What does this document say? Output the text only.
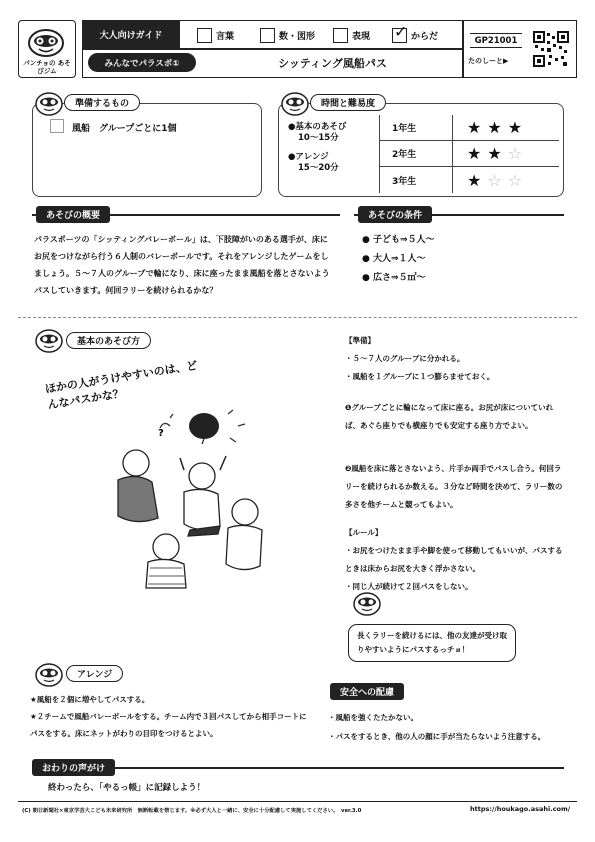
パンチョの あそびジム
大人向けガイド	言葉	数・図形	表現 ✓ からだ
みんなでパラスポ①	シッティング風船パス
GP21001
たのしーと▶
準備するもの
風船　グループごとに1個
時間と難易度
●基本のあそび
10〜15分
●アレンジ
15〜20分
1年生	★ ★ ★
2年生	★ ★ ☆
3年生	★ ☆ ☆
あそびの概要
パラスポーツの「シッティングバレーボール」は、下肢障がいのある選手が、床にお尻をつけながら行う６人制のバレーボールです。それをアレンジしたゲームをしましょう。５〜７人のグループで輪になり、床に座ったまま風船を落とさないようパスしていきます。何回ラリーを続けられるかな？
あそびの条件
● 子ども⇒５人〜
● 大人⇒１人〜
● 広さ⇒５㎡〜
基本のあそび方
ほかの人がうけやすいのは、どんなパスかな？
?
【準備】
・５〜７人のグループに分かれる。
・風船を１グループに１つ膨らませておく。
❶グループごとに輪になって床に座る。お尻が床についていれば、あぐら座りでも横座りでも安定する座り方でよい。
❷風船を床に落とさないよう、片手か両手でパスし合う。何回ラリーを続けられるか数える。３分など時間を決めて、ラリー数の多さを他チームと競ってもよい。
【ルール】
・お尻をつけたまま手や脚を使って移動してもいいが、パスするときは床からお尻を大きく浮かさない。
・同じ人が続けて２回パスをしない。
長くラリーを続けるには、他の友達が受け取りやすいようにパスするっチョ！
アレンジ
★風船を２個に増やしてパスする。
★２チームで風船バレーボールをする。チーム内で３回パスしてから相手コートにパスをする。床にネットがわりの目印をつけるとよい。
安全への配慮
・風船を強くたたかない。
・パスをするとき、他の人の顔に手が当たらないよう注意する。
おわりの声がけ
終わったら、「やるっ帳」に記録しよう！
(C) 朝日新聞社×東京学芸大こども未来研究所　無断転載を禁じます。※必ず大人と一緒に、安全に十分配慮して実施してください。　ver.3.0	https://houkago.asahi.com/
